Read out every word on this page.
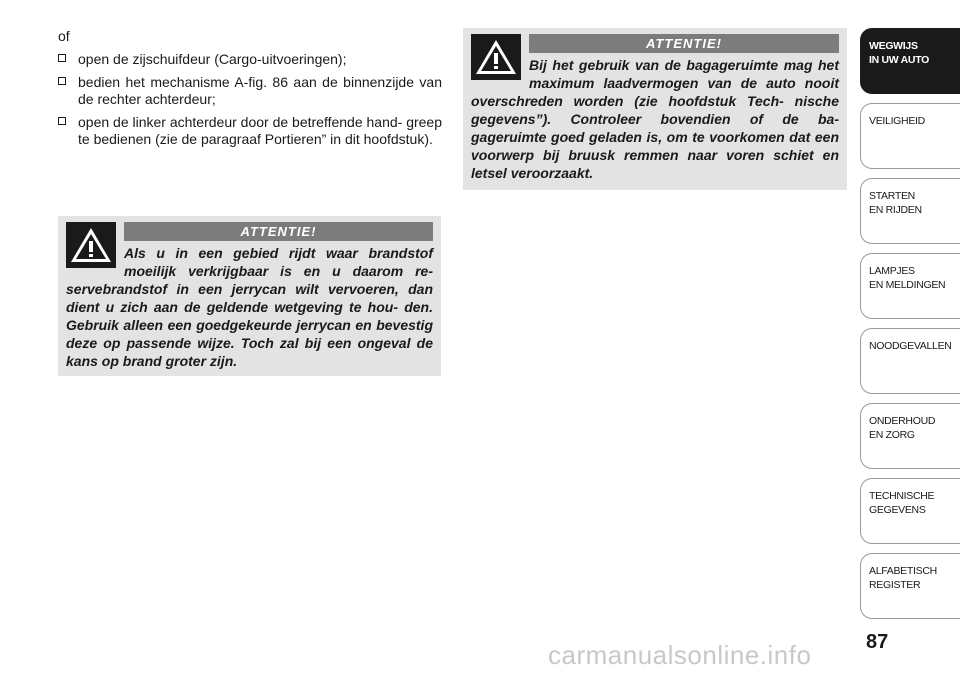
of

open de zijschuifdeur (Cargo-uitvoeringen);
bedien het mechanisme A-fig. 86 aan de binnenzijde van de rechter achterdeur;
open de linker achterdeur door de betreffende hand- greep te bedienen (zie de paragraaf Portieren” in dit hoofdstuk).
ATTENTIE!
Als u in een gebied rijdt waar brandstof moeilijk verkrijgbaar is en u daarom re- servebrandstof in een jerrycan wilt vervoeren, dan dient u zich aan de geldende wetgeving te hou- den. Gebruik alleen een goedgekeurde jerrycan en bevestig deze op passende wijze. Toch zal bij een ongeval de kans op brand groter zijn.
ATTENTIE!
Bij het gebruik van de bagageruimte mag het maximum laadvermogen van de auto nooit overschreden worden (zie hoofdstuk Tech- nische gegevens”). Controleer bovendien of de ba- gageruimte goed geladen is, om te voorkomen dat een voorwerp bij bruusk remmen naar voren schiet en letsel veroorzaakt.
WEGWIJS
IN UW AUTO
VEILIGHEID
STARTEN
EN RIJDEN
LAMPJES
EN MELDINGEN
NOODGEVALLEN
ONDERHOUD
EN ZORG
TECHNISCHE
GEGEVENS
ALFABETISCH
REGISTER
87
carmanualsonline.info
